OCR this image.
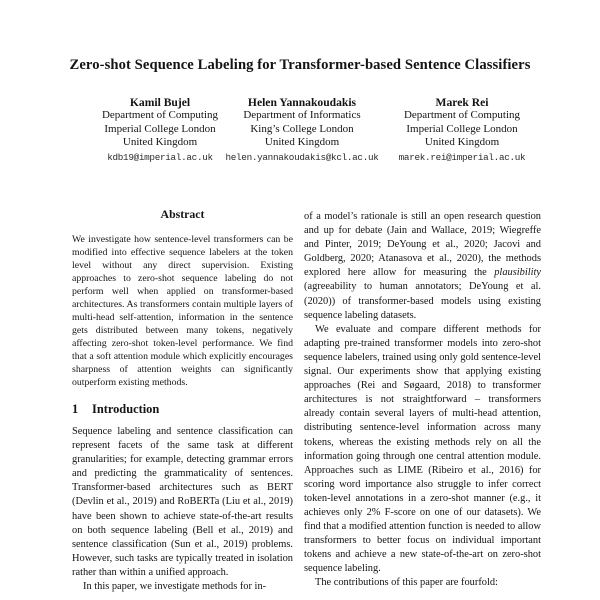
Zero-shot Sequence Labeling for Transformer-based Sentence Classifiers
Kamil Bujel
Department of Computing
Imperial College London
United Kingdom
kdb19@imperial.ac.uk
Helen Yannakoudakis
Department of Informatics
King’s College London
United Kingdom
helen.yannakoudakis@kcl.ac.uk
Marek Rei
Department of Computing
Imperial College London
United Kingdom
marek.rei@imperial.ac.uk
Abstract

We investigate how sentence-level transformers can be modified into effective sequence labelers at the token level without any direct supervision. Existing approaches to zero-shot sequence labeling do not perform well when applied on transformer-based architectures. As transformers contain multiple layers of multi-head self-attention, information in the sentence gets distributed between many tokens, negatively affecting zero-shot token-level performance. We find that a soft attention module which explicitly encourages sharpness of attention weights can significantly outperform existing methods.

1 Introduction

Sequence labeling and sentence classification can represent facets of the same task at different granularities; for example, detecting grammar errors and predicting the grammaticality of sentences. Transformer-based architectures such as BERT (Devlin et al., 2019) and RoBERTa (Liu et al., 2019) have been shown to achieve state-of-the-art results on both sequence labeling (Bell et al., 2019) and sentence classification (Sun et al., 2019) problems. However, such tasks are typically treated in isolation rather than within a unified approach.

In this paper, we investigate methods for in-

of a model’s rationale is still an open research question and up for debate (Jain and Wallace, 2019; Wiegreffe and Pinter, 2019; DeYoung et al., 2020; Jacovi and Goldberg, 2020; Atanasova et al., 2020), the methods explored here allow for measuring the plausibility (agreeability to human annotators; DeYoung et al. (2020)) of transformer-based models using existing sequence labeling datasets.

We evaluate and compare different methods for adapting pre-trained transformer models into zero-shot sequence labelers, trained using only gold sentence-level signal. Our experiments show that applying existing approaches (Rei and Søgaard, 2018) to transformer architectures is not straightforward – transformers already contain several layers of multi-head attention, distributing sentence-level information across many tokens, whereas the existing methods rely on all the information going through one central attention module. Approaches such as LIME (Ribeiro et al., 2016) for scoring word importance also struggle to infer correct token-level annotations in a zero-shot manner (e.g., it achieves only 2% F-score on one of our datasets). We find that a modified attention function is needed to allow transformers to better focus on individual important tokens and achieve a new state-of-the-art on zero-shot sequence labeling.

The contributions of this paper are fourfold:
